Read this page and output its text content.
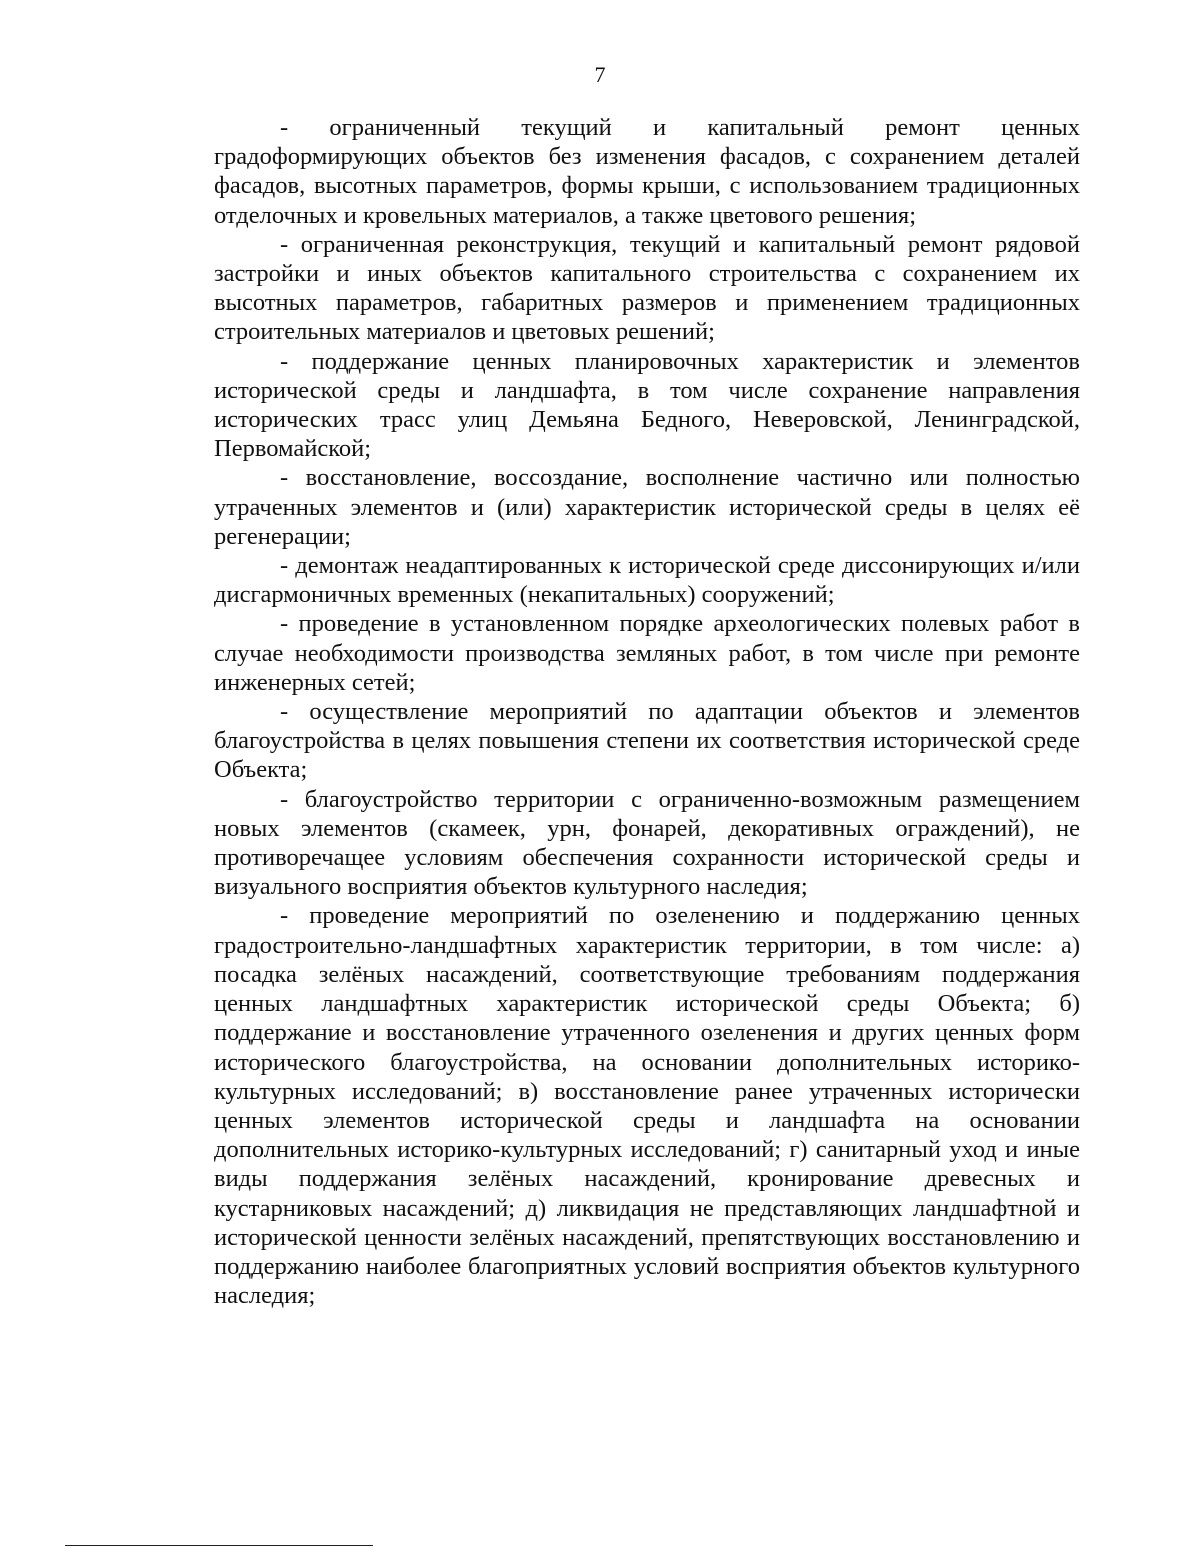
7

- ограниченный текущий и капитальный ремонт ценных градоформирующих объектов без изменения фасадов, с сохранением деталей фасадов, высотных параметров, формы крыши, с использованием традиционных отделочных и кровельных материалов, а также цветового решения;

- ограниченная реконструкция, текущий и капитальный ремонт рядовой застройки и иных объектов капитального строительства с сохранением их высотных параметров, габаритных размеров и применением традиционных строительных материалов и цветовых решений;

- поддержание ценных планировочных характеристик и элементов исторической среды и ландшафта, в том числе сохранение направления исторических трасс улиц Демьяна Бедного, Неверовской, Ленинградской, Первомайской;

- восстановление, воссоздание, восполнение частично или полностью утраченных элементов и (или) характеристик исторической среды в целях её регенерации;

- демонтаж неадаптированных к исторической среде диссонирующих и/или дисгармоничных временных (некапитальных) сооружений;

- проведение в установленном порядке археологических полевых работ в случае необходимости производства земляных работ, в том числе при ремонте инженерных сетей;

- осуществление мероприятий по адаптации объектов и элементов благоустройства в целях повышения степени их соответствия исторической среде Объекта;

- благоустройство территории с ограниченно-возможным размещением новых элементов (скамеек, урн, фонарей, декоративных ограждений), не противоречащее условиям обеспечения сохранности исторической среды и визуального восприятия объектов культурного наследия;

- проведение мероприятий по озеленению и поддержанию ценных градостроительно-ландшафтных характеристик территории, в том числе: а) посадка зелёных насаждений, соответствующие требованиям поддержания ценных ландшафтных характеристик исторической среды Объекта; б) поддержание и восстановление утраченного озеленения и других ценных форм исторического благоустройства, на основании дополнительных историко-культурных исследований; в) восстановление ранее утраченных исторически ценных элементов исторической среды и ландшафта на основании дополнительных историко-культурных исследований; г) санитарный уход и иные виды поддержания зелёных насаждений, кронирование древесных и кустарниковых насаждений; д) ликвидация не представляющих ландшафтной и исторической ценности зелёных насаждений, препятствующих восстановлению и поддержанию наиболее благоприятных условий восприятия объектов культурного наследия;
